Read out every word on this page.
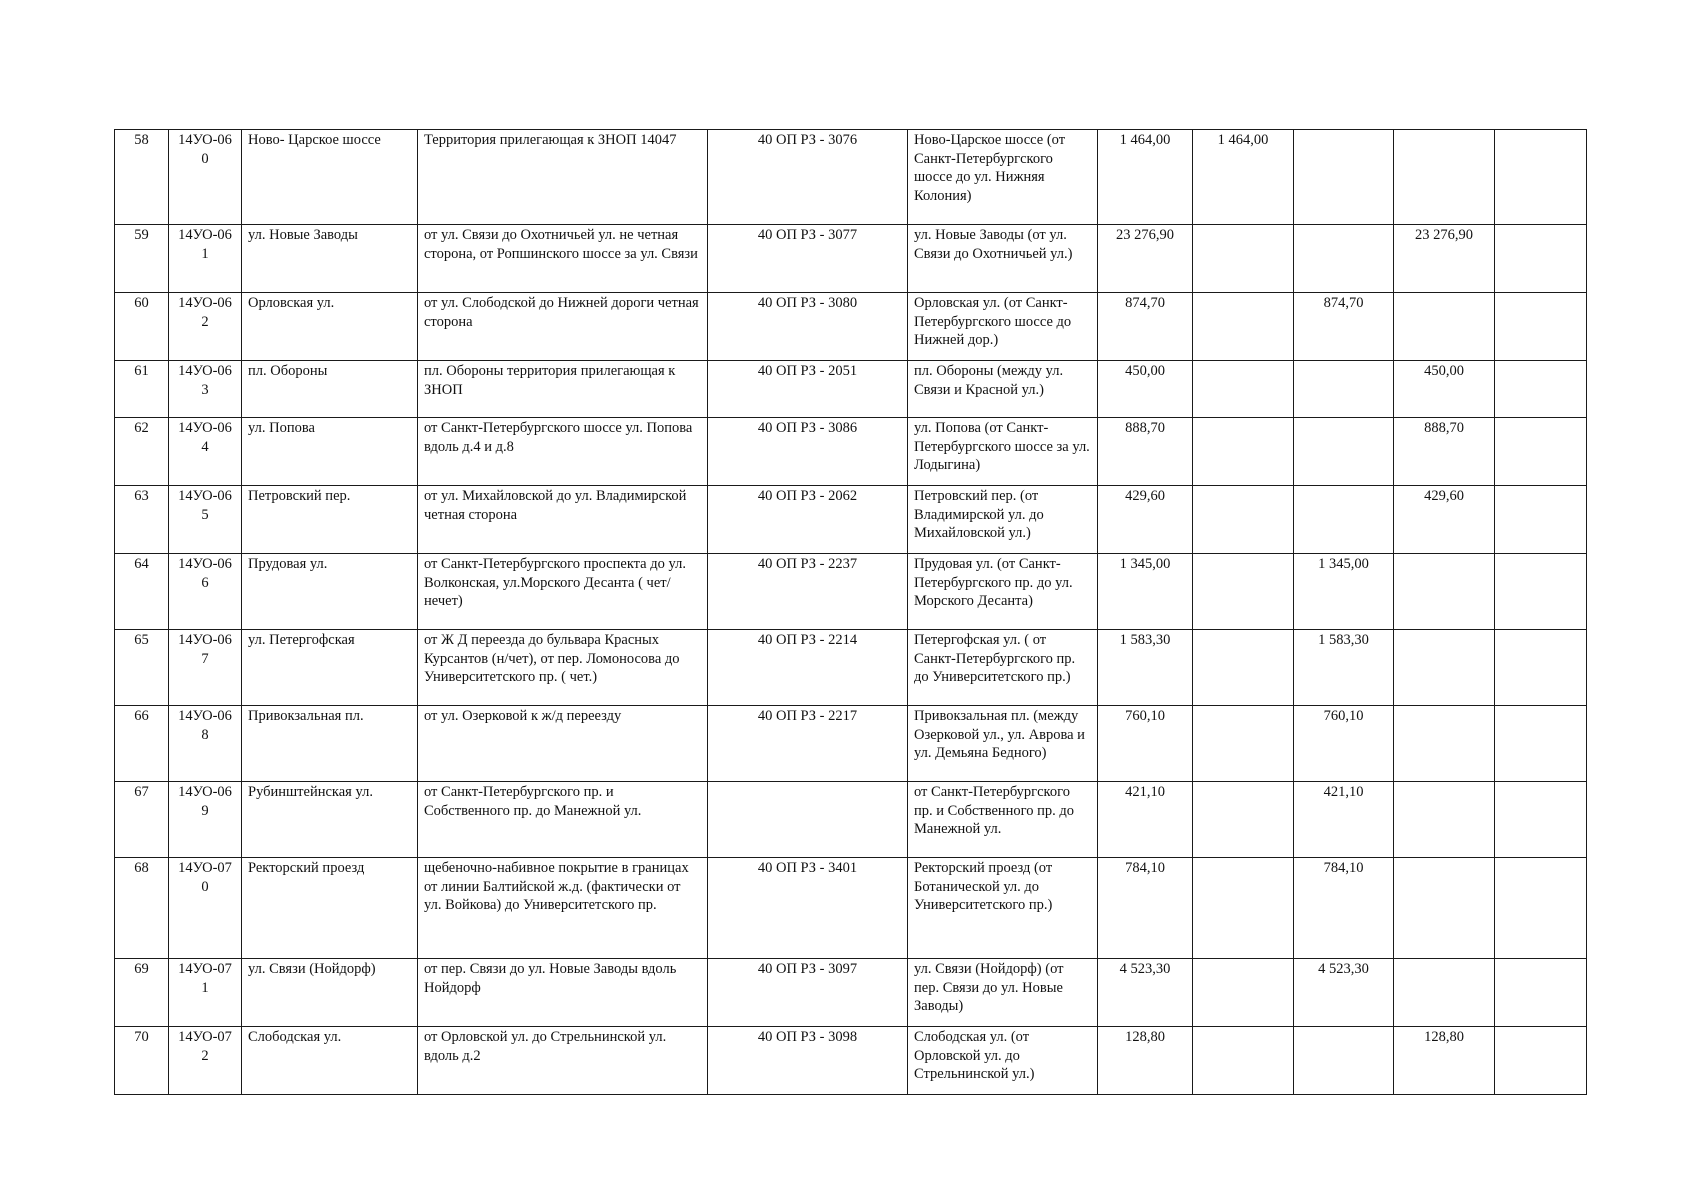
58	14УО-060	Ново- Царское шоссе	Территория прилегающая к ЗНОП 14047	40 ОП РЗ - 3076	Ново-Царское шоссе (от Санкт-Петербургского шоссе до ул. Нижняя Колония)	1 464,00	1 464,00			
59	14УО-061	ул. Новые Заводы	от ул. Связи до Охотничьей ул. не четная сторона, от Ропшинского шоссе за ул. Связи	40 ОП РЗ - 3077	ул. Новые Заводы (от ул. Связи до Охотничьей ул.)	23 276,90			23 276,90	
60	14УО-062	Орловская ул.	от ул. Слободской до Нижней дороги четная сторона	40 ОП РЗ - 3080	Орловская ул. (от Санкт-Петербургского шоссе до Нижней дор.)	874,70		874,70		
61	14УО-063	пл. Обороны	пл. Обороны территория прилегающая к ЗНОП	40 ОП РЗ - 2051	пл. Обороны (между ул. Связи и Красной ул.)	450,00			450,00	
62	14УО-064	ул. Попова	от Санкт-Петербургского шоссе ул. Попова вдоль д.4 и д.8	40 ОП РЗ - 3086	ул. Попова (от Санкт-Петербургского шоссе за ул. Лодыгина)	888,70			888,70	
63	14УО-065	Петровский пер.	от ул. Михайловской до ул. Владимирской четная сторона	40 ОП РЗ - 2062	Петровский пер. (от Владимирской ул. до Михайловской ул.)	429,60			429,60	
64	14УО-066	Прудовая ул.	от Санкт-Петербургского проспекта до ул. Волконская, ул.Морского Десанта ( чет/нечет)	40 ОП РЗ - 2237	Прудовая ул. (от Санкт-Петербургского пр. до ул. Морского Десанта)	1 345,00		1 345,00		
65	14УО-067	ул. Петергофская	от Ж Д переезда до бульвара Красных Курсантов (н/чет), от пер. Ломоносова до Университетского пр. ( чет.)	40 ОП РЗ - 2214	Петергофская ул. ( от Санкт-Петербургского пр. до Университетского пр.)	1 583,30		1 583,30		
66	14УО-068	Привокзальная пл.	от ул. Озерковой к ж/д переезду	40 ОП РЗ - 2217	Привокзальная пл. (между Озерковой ул., ул. Аврова и ул. Демьяна Бедного)	760,10		760,10		
67	14УО-069	Рубинштейнская ул.	от Санкт-Петербургского пр. и Собственного пр. до Манежной ул.		от Санкт-Петербургского пр. и Собственного пр. до Манежной ул.	421,10		421,10		
68	14УО-070	Ректорский проезд	щебеночно-набивное покрытие в границах от линии Балтийской ж.д. (фактически от ул. Войкова) до Университетского пр.	40 ОП РЗ - 3401	Ректорский проезд (от Ботанической ул. до Университетского пр.)	784,10		784,10		
69	14УО-071	ул. Связи (Нойдорф)	от пер. Связи до ул. Новые Заводы вдоль Нойдорф	40 ОП РЗ - 3097	ул. Связи (Нойдорф) (от пер. Связи до ул. Новые Заводы)	4 523,30		4 523,30		
70	14УО-072	Слободская ул.	от Орловской ул. до Стрельнинской ул. вдоль д.2	40 ОП РЗ - 3098	Слободская ул. (от Орловской ул. до Стрельнинской ул.)	128,80			128,80	
